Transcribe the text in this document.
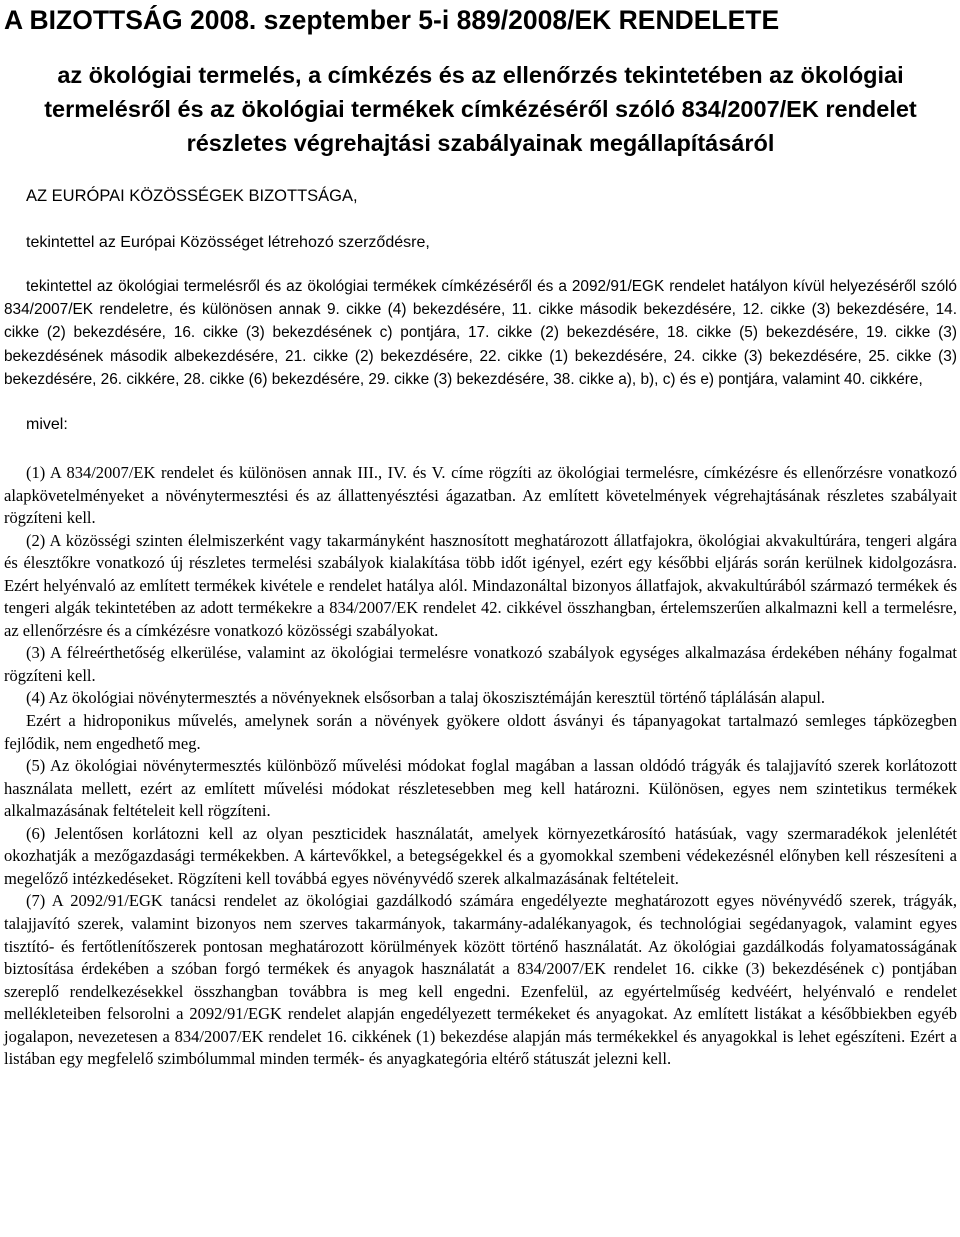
A BIZOTTSÁG 2008. szeptember 5-i 889/2008/EK RENDELETE
az ökológiai termelés, a címkézés és az ellenőrzés tekintetében az ökológiai termelésről és az ökológiai termékek címkézéséről szóló 834/2007/EK rendelet részletes végrehajtási szabályainak megállapításáról

AZ EURÓPAI KÖZÖSSÉGEK BIZOTTSÁGA,

tekintettel az Európai Közösséget létrehozó szerződésre,

tekintettel az ökológiai termelésről és az ökológiai termékek címkézéséről és a 2092/91/EGK rendelet hatályon kívül helyezéséről szóló 834/2007/EK rendeletre, és különösen annak 9. cikke (4) bekezdésére, 11. cikke második bekezdésére, 12. cikke (3) bekezdésére, 14. cikke (2) bekezdésére, 16. cikke (3) bekezdésének c) pontjára, 17. cikke (2) bekezdésére, 18. cikke (5) bekezdésére, 19. cikke (3) bekezdésének második albekezdésére, 21. cikke (2) bekezdésére, 22. cikke (1) bekezdésére, 24. cikke (3) bekezdésére, 25. cikke (3) bekezdésére, 26. cikkére, 28. cikke (6) bekezdésére, 29. cikke (3) bekezdésére, 38. cikke a), b), c) és e) pontjára, valamint 40. cikkére,

mivel:

(1) A 834/2007/EK rendelet és különösen annak III., IV. és V. címe rögzíti az ökológiai termelésre, címkézésre és ellenőrzésre vonatkozó alapkövetelményeket a növénytermesztési és az állattenyésztési ágazatban. Az említett követelmények végrehajtásának részletes szabályait rögzíteni kell.

(2) A közösségi szinten élelmiszerként vagy takarmányként hasznosított meghatározott állatfajokra, ökológiai akvakultúrára, tengeri algára és élesztőkre vonatkozó új részletes termelési szabályok kialakítása több időt igényel, ezért egy későbbi eljárás során kerülnek kidolgozásra. Ezért helyénvaló az említett termékek kivétele e rendelet hatálya alól. Mindazonáltal bizonyos állatfajok, akvakultúrából származó termékek és tengeri algák tekintetében az adott termékekre a 834/2007/EK rendelet 42. cikkével összhangban, értelemszerűen alkalmazni kell a termelésre, az ellenőrzésre és a címkézésre vonatkozó közösségi szabályokat.

(3) A félreérthetőség elkerülése, valamint az ökológiai termelésre vonatkozó szabályok egységes alkalmazása érdekében néhány fogalmat rögzíteni kell.

(4) Az ökológiai növénytermesztés a növényeknek elsősorban a talaj ökoszisztémáján keresztül történő táplálásán alapul.

Ezért a hidroponikus művelés, amelynek során a növények gyökere oldott ásványi és tápanyagokat tartalmazó semleges tápközegben fejlődik, nem engedhető meg.

(5) Az ökológiai növénytermesztés különböző művelési módokat foglal magában a lassan oldódó trágyák és talajjavító szerek korlátozott használata mellett, ezért az említett művelési módokat részletesebben meg kell határozni. Különösen, egyes nem szintetikus termékek alkalmazásának feltételeit kell rögzíteni.

(6) Jelentősen korlátozni kell az olyan peszticidek használatát, amelyek környezetkárosító hatásúak, vagy szermaradékok jelenlétét okozhatják a mezőgazdasági termékekben. A kártevőkkel, a betegségekkel és a gyomokkal szembeni védekezésnél előnyben kell részesíteni a megelőző intézkedéseket. Rögzíteni kell továbbá egyes növényvédő szerek alkalmazásának feltételeit.

(7) A 2092/91/EGK tanácsi rendelet az ökológiai gazdálkodó számára engedélyezte meghatározott egyes növényvédő szerek, trágyák, talajjavító szerek, valamint bizonyos nem szerves takarmányok, takarmány-adalékanyagok, és technológiai segédanyagok, valamint egyes tisztító- és fertőtlenítőszerek pontosan meghatározott körülmények között történő használatát. Az ökológiai gazdálkodás folyamatosságának biztosítása érdekében a szóban forgó termékek és anyagok használatát a 834/2007/EK rendelet 16. cikke (3) bekezdésének c) pontjában szereplő rendelkezésekkel összhangban továbbra is meg kell engedni. Ezenfelül, az egyértelműség kedvéért, helyénvaló e rendelet mellékleteiben felsorolni a 2092/91/EGK rendelet alapján engedélyezett termékeket és anyagokat. Az említett listákat a későbbiekben egyéb jogalapon, nevezetesen a 834/2007/EK rendelet 16. cikkének (1) bekezdése alapján más termékekkel és anyagokkal is lehet egészíteni. Ezért a listában egy megfelelő szimbólummal minden termék- és anyagkategória eltérő státuszát jelezni kell.
